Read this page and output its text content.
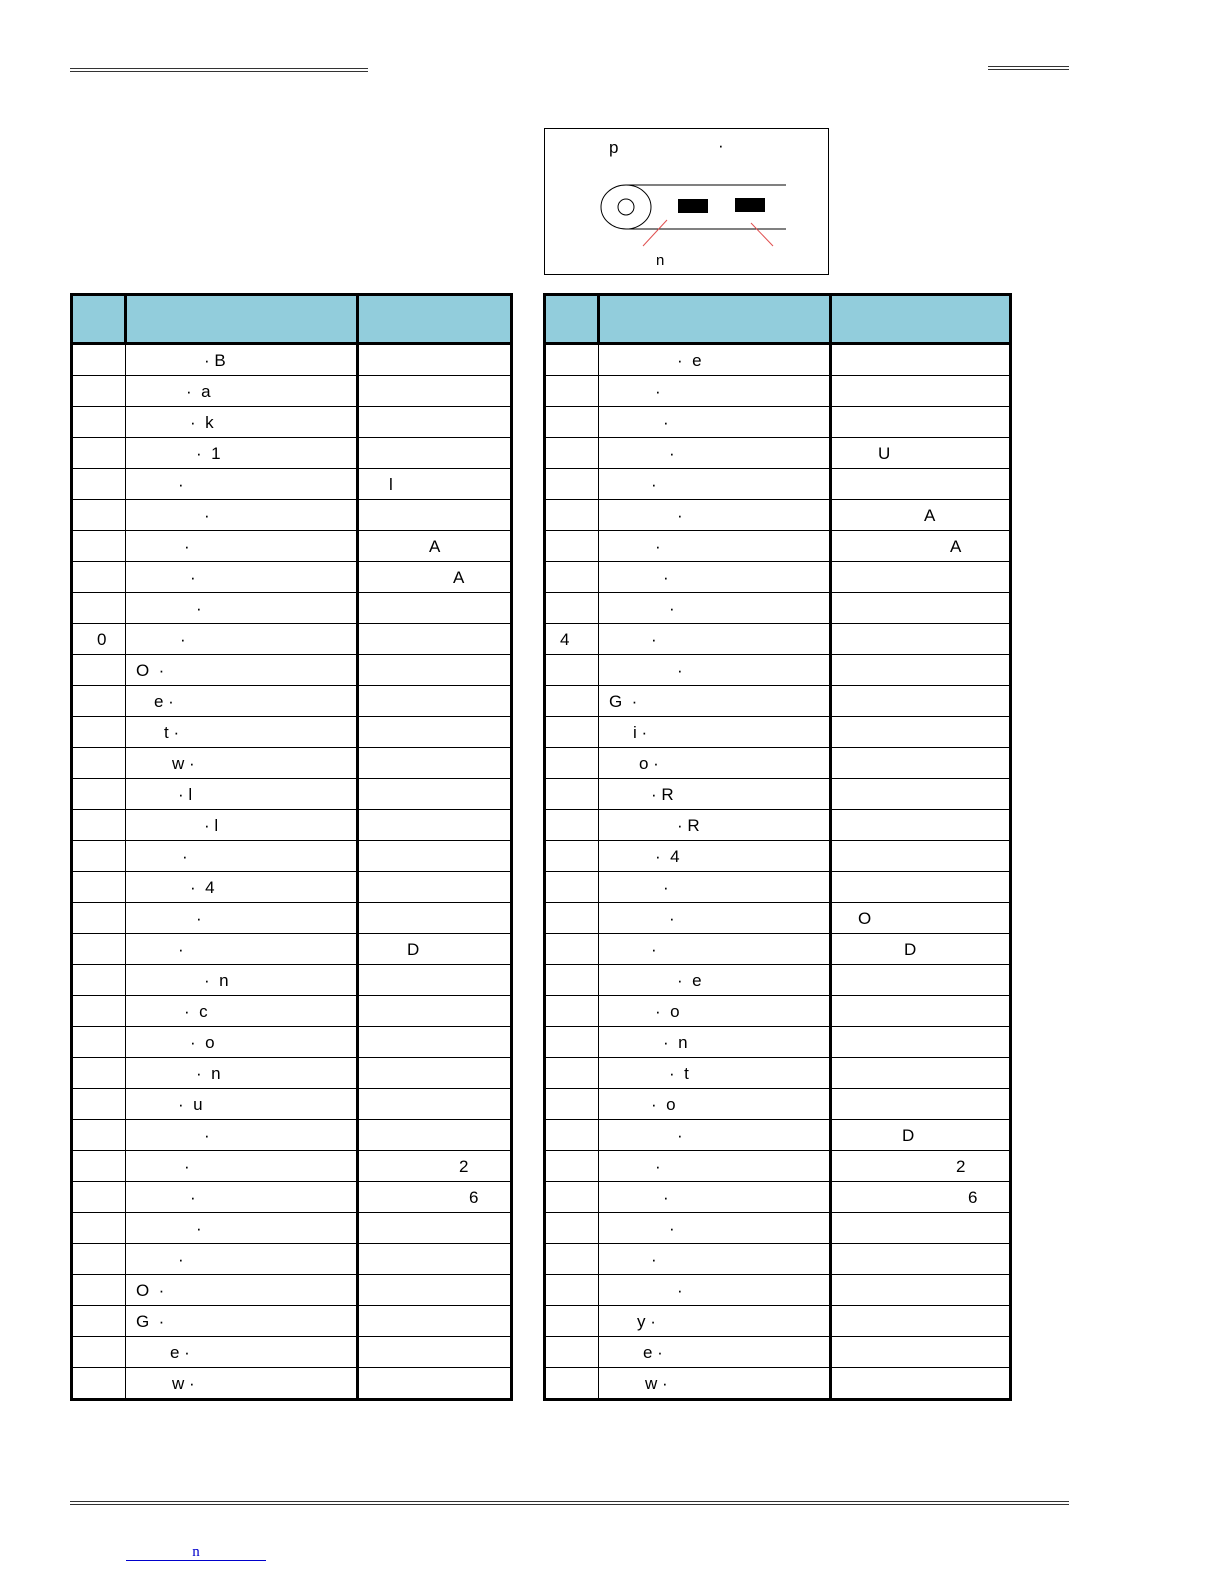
p	·
n

	· B	

	·  a	

	·  k	

	·  1	

	·	l

	·	

	·	A

	·	A

	·	

0	·	

	O  ·	

	e ·	

	t ·	

	w ·	

	· l	

	· l	

	·	

	·  4	

	·	

	·	D

	·  n	

	·  c	

	·  o	

	·  n	

	·  u	

	·	

	·	2

	·	6

	·	

	·	

	O  ·	

	G  ·	

	e ·	

	w ·	

	·  e	

	·	

	·	

	·	U

	·	

	·	A

	·	A

	·	

	·	

4	·	

	·	

	G  ·	

	i ·	

	o ·	

	· R	

	· R	

	·  4	

	·	

	·	O

	·	D

	·  e	

	·  o	

	·  n	

	·  t	

	·  o	

	·	D

	·	2

	·	6

	·	

	·	

	·	

	y ·	

	e ·	

	w ·	

n
